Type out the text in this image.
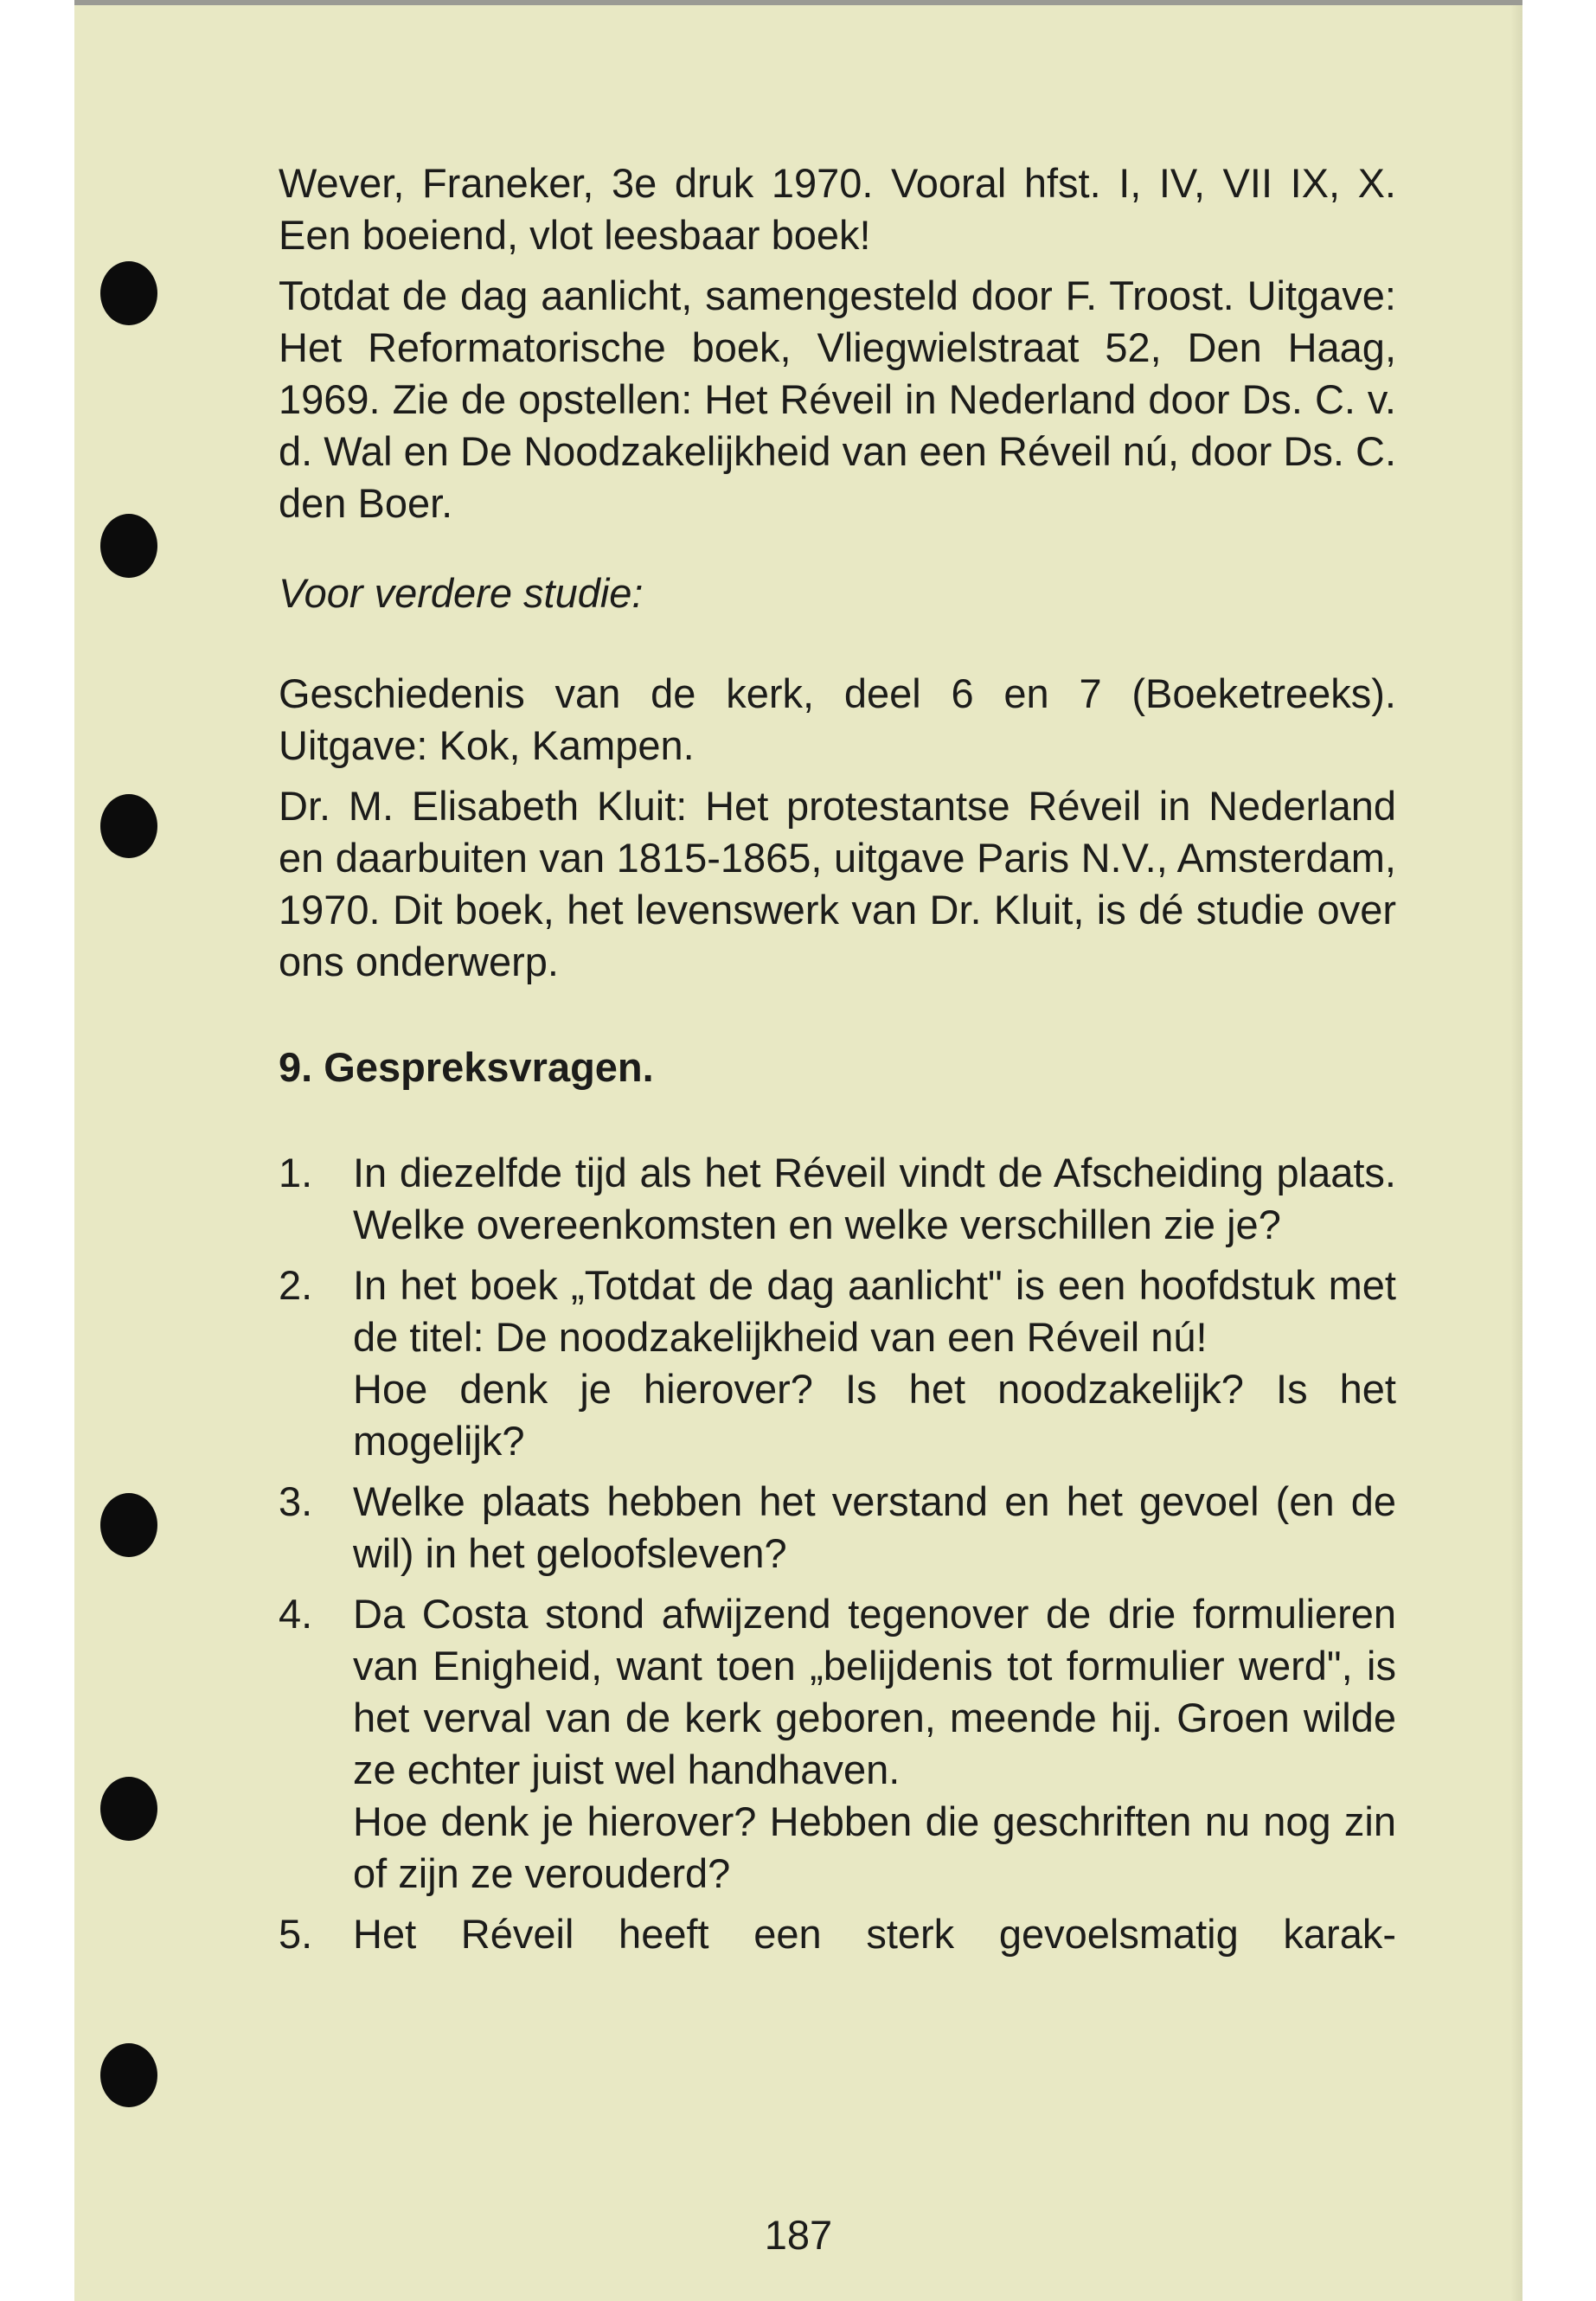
Wever, Franeker, 3e druk 1970. Vooral hfst. I, IV, VII IX, X. Een boeiend, vlot leesbaar boek!

Totdat de dag aanlicht, samengesteld door F. Troost. Uitgave: Het Reformatorische boek, Vliegwielstraat 52, Den Haag, 1969. Zie de opstellen: Het Réveil in Nederland door Ds. C. v. d. Wal en De Noodzakelijkheid van een Réveil nú, door Ds. C. den Boer.

Voor verdere studie:

Geschiedenis van de kerk, deel 6 en 7 (Boeketreeks). Uitgave: Kok, Kampen.

Dr. M. Elisabeth Kluit: Het protestantse Réveil in Nederland en daarbuiten van 1815-1865, uitgave Paris N.V., Amsterdam, 1970. Dit boek, het levenswerk van Dr. Kluit, is dé studie over ons onderwerp.

9. Gespreksvragen.

1. In diezelfde tijd als het Réveil vindt de Afscheiding plaats. Welke overeenkomsten en welke verschillen zie je?

2. In het boek „Totdat de dag aanlicht" is een hoofdstuk met de titel: De noodzakelijkheid van een Réveil nú!

Hoe denk je hierover? Is het noodzakelijk? Is het mogelijk?

3. Welke plaats hebben het verstand en het gevoel (en de wil) in het geloofsleven?

4. Da Costa stond afwijzend tegenover de drie formulieren van Enigheid, want toen „belijdenis tot formulier werd", is het verval van de kerk geboren, meende hij. Groen wilde ze echter juist wel handhaven.

Hoe denk je hierover? Hebben die geschriften nu nog zin of zijn ze verouderd?

5. Het Réveil heeft een sterk gevoelsmatig karak-

187
